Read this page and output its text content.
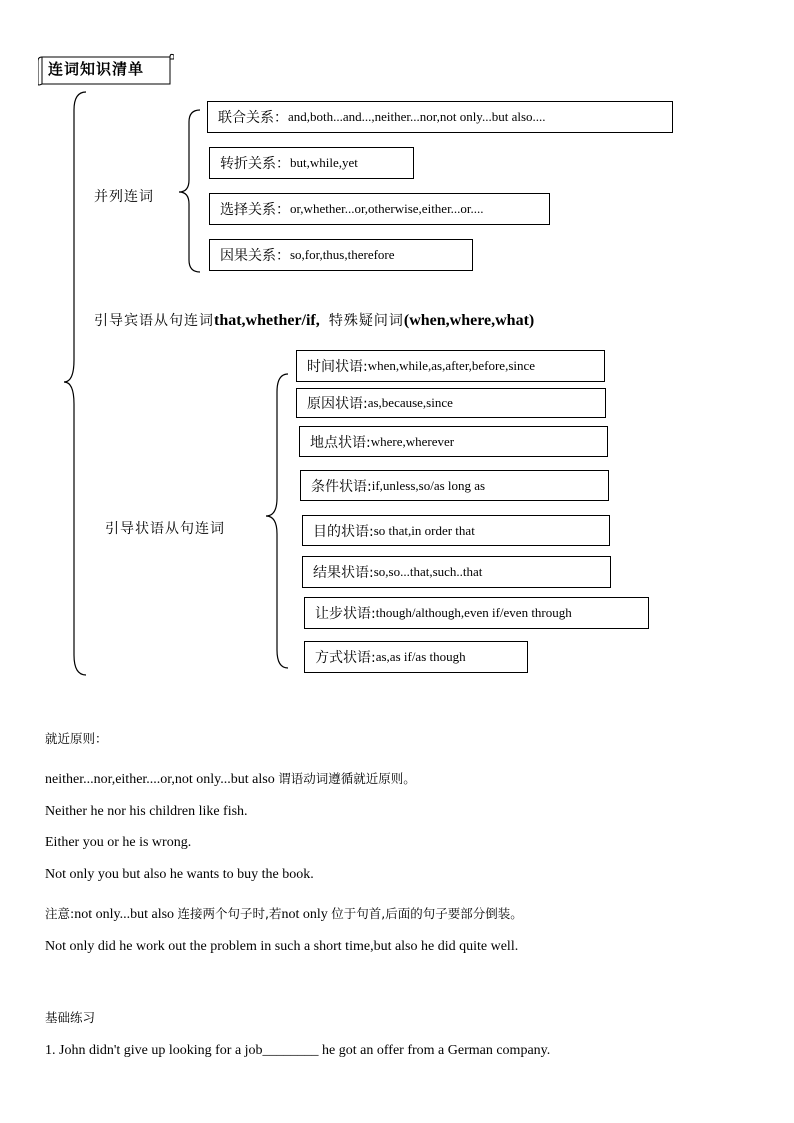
连词知识清单
并列连词
联合关系： and,both...and...,neither...nor,not only...but also....
转折关系： but,while,yet
选择关系： or,whether...or,otherwise,either...or....
因果关系： so,for,thus,therefore
引导宾语从句连词that,whether/if, 特殊疑问词(when,where,what)
引导状语从句连词
时间状语: when,while,as,after,before,since
原因状语: as,because,since
地点状语: where,wherever
条件状语: if,unless,so/as long as
目的状语: so that,in order that
结果状语: so,so...that,such..that
让步状语: though/although,even if/even through
方式状语: as,as if/as though
就近原则：
neither...nor,either....or,not only...but also 谓语动词遵循就近原则。
Neither he nor his children like fish.
Either you or he is wrong.
Not only you but also he wants to buy the book.
注意:not only...but also 连接两个句子时,若not only 位于句首,后面的句子要部分倒装。
Not only did he work out the problem in such a short time,but also he did quite well.
基础练习
1. John didn't give up looking for a job________ he got an offer from a German company.
